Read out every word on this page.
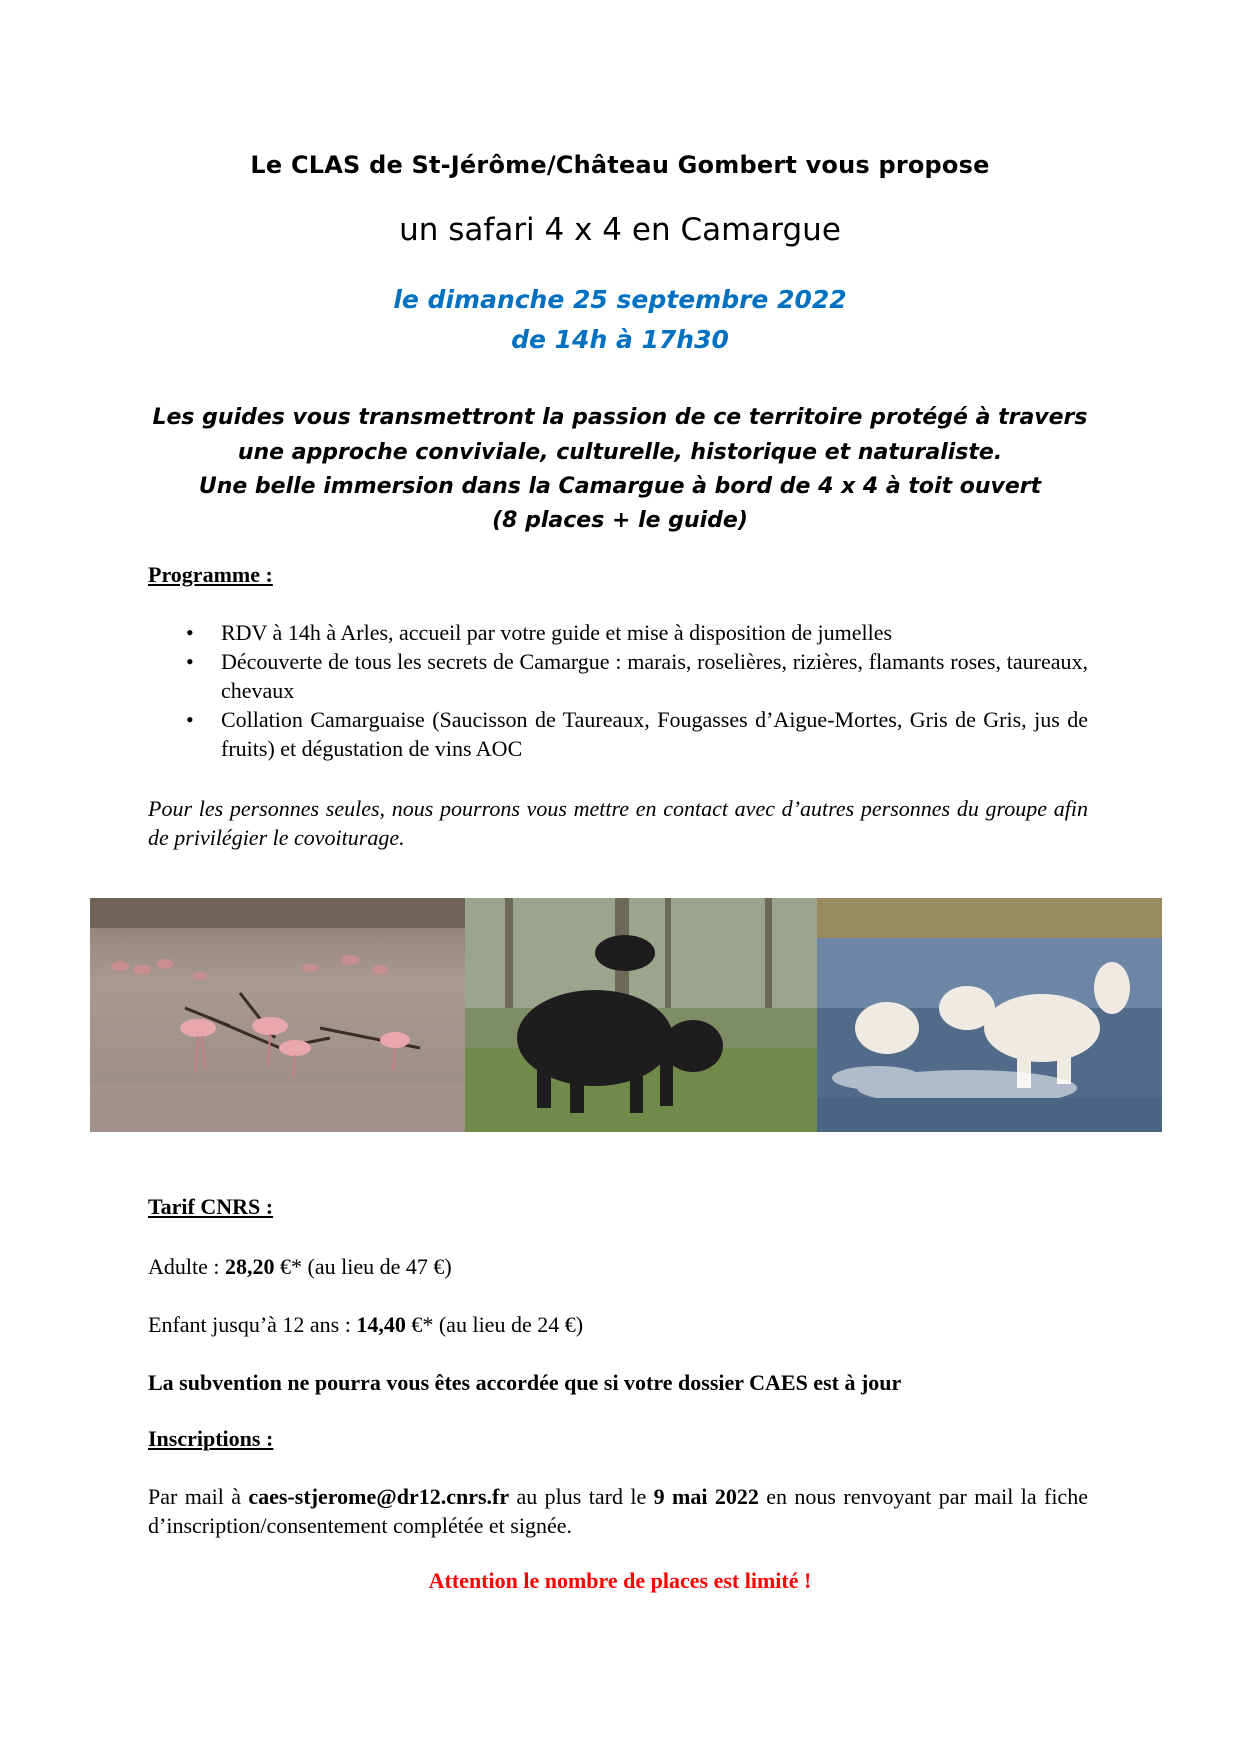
Le CLAS de St-Jérôme/Château Gombert vous propose
un safari 4 x 4 en Camargue
le dimanche 25 septembre 2022
de 14h à 17h30
Les guides vous transmettront la passion de ce territoire protégé à travers
une approche conviviale, culturelle, historique et naturaliste.
Une belle immersion dans la Camargue à bord de 4 x 4 à toit ouvert
(8 places + le guide)
Programme :
• RDV à 14h à Arles, accueil par votre guide et mise à disposition de jumelles
• Découverte de tous les secrets de Camargue : marais, roselières, rizières, flamants roses, taureaux, chevaux
• Collation Camarguaise (Saucisson de Taureaux, Fougasses d’Aigue-Mortes, Gris de Gris, jus de fruits) et dégustation de vins AOC
Pour les personnes seules, nous pourrons vous mettre en contact avec d’autres personnes du groupe afin de privilégier le covoiturage.
Tarif CNRS :
Adulte : 28,20 €* (au lieu de 47 €)
Enfant jusqu’à 12 ans : 14,40 €* (au lieu de 24 €)
La subvention ne pourra vous êtes accordée que si votre dossier CAES est à jour
Inscriptions :
Par mail à caes-stjerome@dr12.cnrs.fr au plus tard le 9 mai 2022 en nous renvoyant par mail la fiche d’inscription/consentement complétée et signée.
Attention le nombre de places est limité !
